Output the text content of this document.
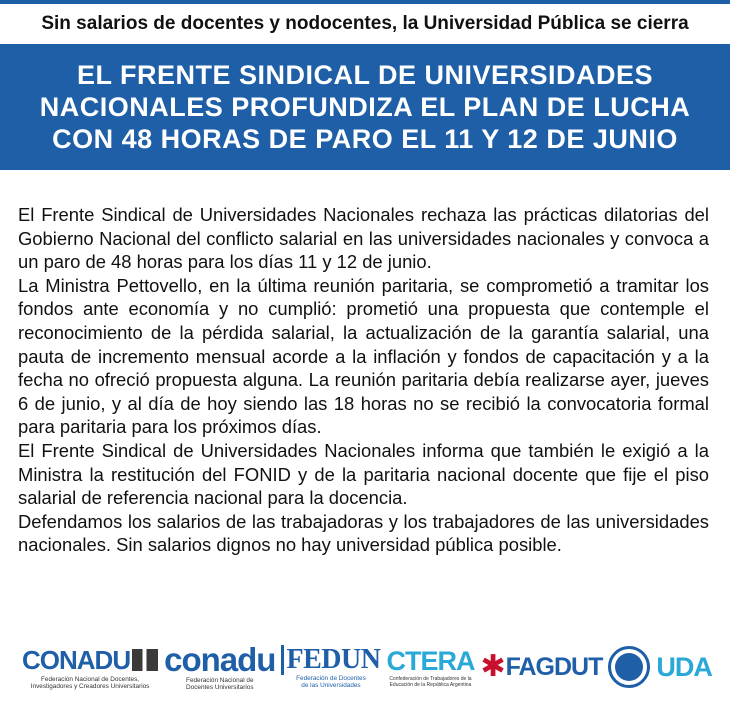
Sin salarios de docentes y nodocentes, la Universidad Pública se cierra
EL FRENTE SINDICAL DE UNIVERSIDADES
NACIONALES PROFUNDIZA EL PLAN DE LUCHA
CON 48 HORAS DE PARO EL 11 Y 12 DE JUNIO

El Frente Sindical de Universidades Nacionales rechaza las prácticas dilatorias del Gobierno Nacional del conflicto salarial en las universidades nacionales y convoca a un paro de 48 horas para los días 11 y 12 de junio.

La Ministra Pettovello, en la última reunión paritaria, se comprometió a tramitar los fondos ante economía y no cumplió: prometió una propuesta que contemple el reconocimiento de la pérdida salarial, la actualización de la garantía salarial, una pauta de incremento mensual acorde a la inflación y fondos de capacitación y a la fecha no ofreció propuesta alguna. La reunión paritaria debía realizarse ayer, jueves 6 de junio, y al día de hoy siendo las 18 horas no se recibió la convocatoria formal para paritaria para los próximos días.

El Frente Sindical de Universidades Nacionales informa que también le exigió a la Ministra la restitución del FONID y de la paritaria nacional docente que fije el piso salarial de referencia nacional para la docencia.

Defendamos los salarios de las trabajadoras y los trabajadores de las universidades nacionales. Sin salarios dignos no hay universidad pública posible.

CONADU
Federación Nacional de Docentes,
Investigadores y Creadores Universitarios
conadu
Federación Nacional de
Docentes Universitarios
FEDUN
Federación de Docentes
de las Universidades
CTERA
Confederación de Trabajadores de la
Educación de la República Argentina
✱ FAGDUT UDA
